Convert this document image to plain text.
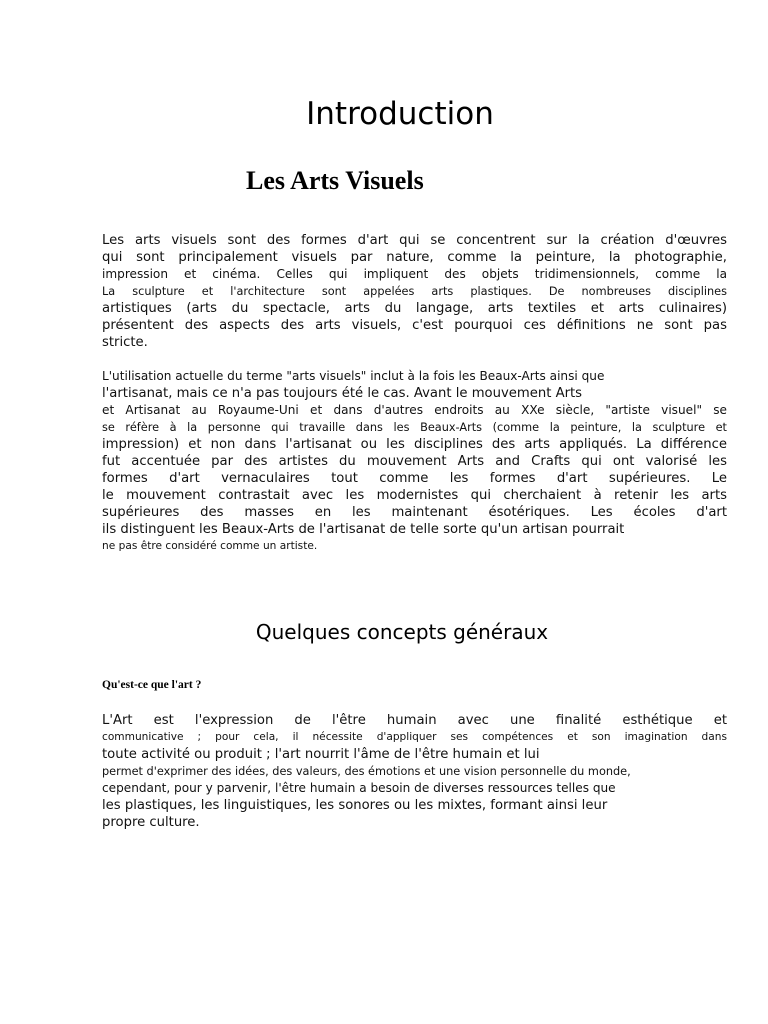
Introduction
Les Arts Visuels
Les arts visuels sont des formes d'art qui se concentrent sur la création d'œuvres
qui sont principalement visuels par nature, comme la peinture, la photographie,
impression et cinéma. Celles qui impliquent des objets tridimensionnels, comme la
La sculpture et l'architecture sont appelées arts plastiques. De nombreuses disciplines
artistiques (arts du spectacle, arts du langage, arts textiles et arts culinaires)
présentent des aspects des arts visuels, c'est pourquoi ces définitions ne sont pas
stricte.
L'utilisation actuelle du terme "arts visuels" inclut à la fois les Beaux-Arts ainsi que
l'artisanat, mais ce n'a pas toujours été le cas. Avant le mouvement Arts
et Artisanat au Royaume-Uni et dans d'autres endroits au XXe siècle, "artiste visuel" se
se réfère à la personne qui travaille dans les Beaux-Arts (comme la peinture, la sculpture et
impression) et non dans l'artisanat ou les disciplines des arts appliqués. La différence
fut accentuée par des artistes du mouvement Arts and Crafts qui ont valorisé les
formes d'art vernaculaires tout comme les formes d'art supérieures. Le
le mouvement contrastait avec les modernistes qui cherchaient à retenir les arts
supérieures des masses en les maintenant ésotériques. Les écoles d'art
ils distinguent les Beaux-Arts de l'artisanat de telle sorte qu'un artisan pourrait
ne pas être considéré comme un artiste.
Quelques concepts généraux
Qu'est-ce que l'art ?
L'Art est l'expression de l'être humain avec une finalité esthétique et
communicative ; pour cela, il nécessite d'appliquer ses compétences et son imagination dans
toute activité ou produit ; l'art nourrit l'âme de l'être humain et lui
permet d'exprimer des idées, des valeurs, des émotions et une vision personnelle du monde,
cependant, pour y parvenir, l'être humain a besoin de diverses ressources telles que
les plastiques, les linguistiques, les sonores ou les mixtes, formant ainsi leur
propre culture.
